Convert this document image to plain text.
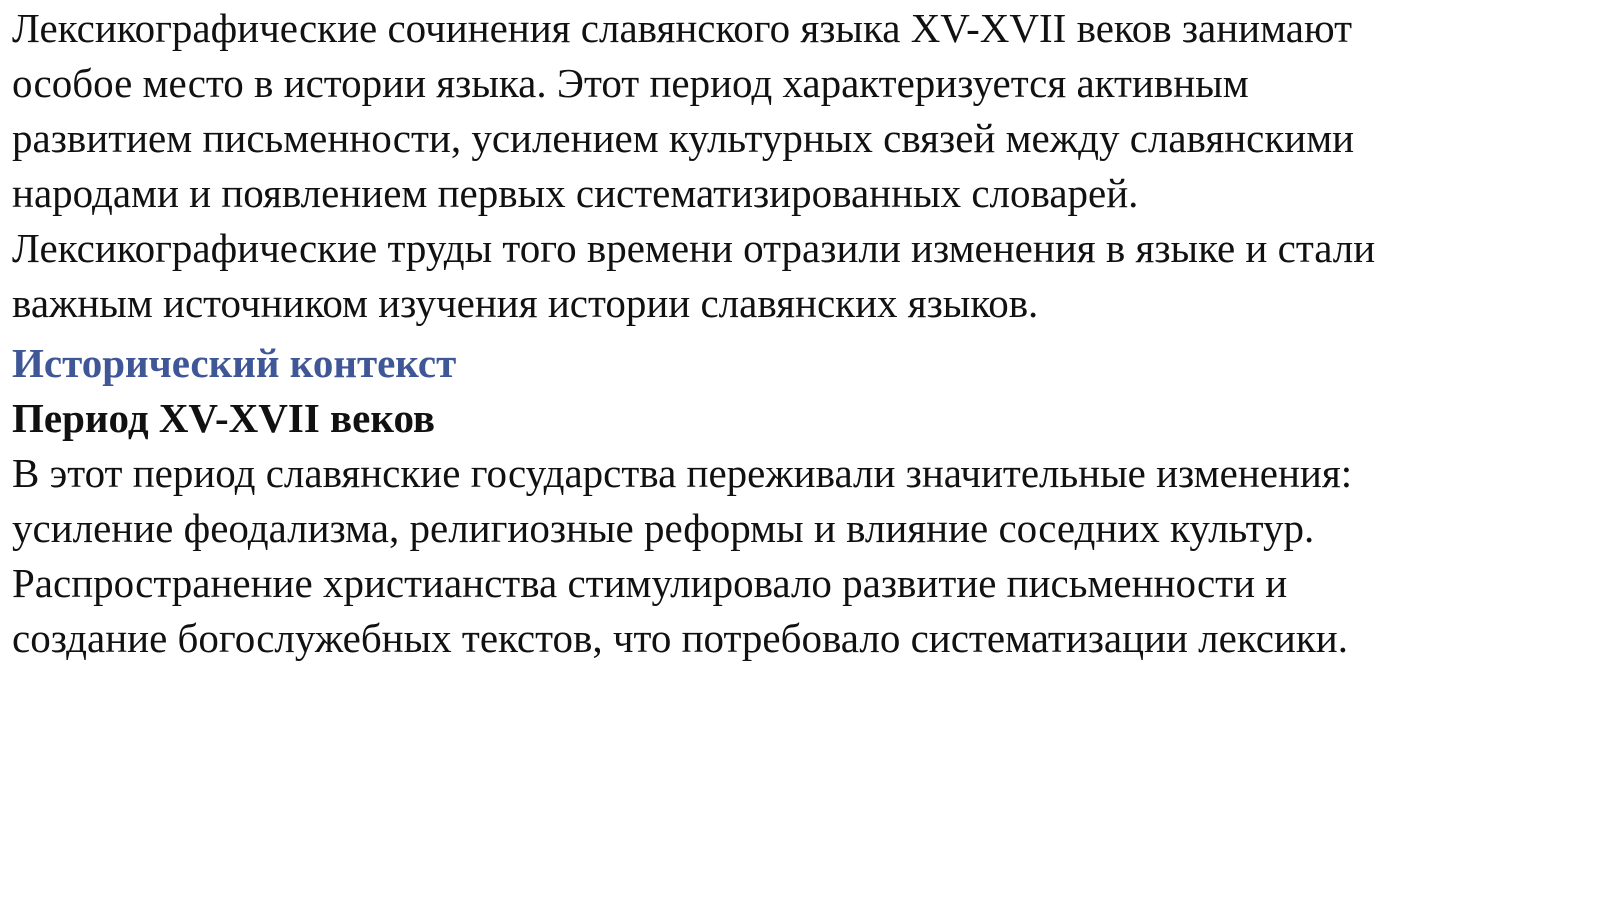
Лексикографические сочинения славянского языка XV-XVII веков занимают
особое место в истории языка. Этот период характеризуется активным
развитием письменности, усилением культурных связей между славянскими
народами и появлением первых систематизированных словарей.
Лексикографические труды того времени отразили изменения в языке и стали
важным источником изучения истории славянских языков.

Исторический контекст
Период XV-XVII веков

В этот период славянские государства переживали значительные изменения:
усиление феодализма, религиозные реформы и влияние соседних культур.
Распространение христианства стимулировало развитие письменности и
создание богослужебных текстов, что потребовало систематизации лексики.
